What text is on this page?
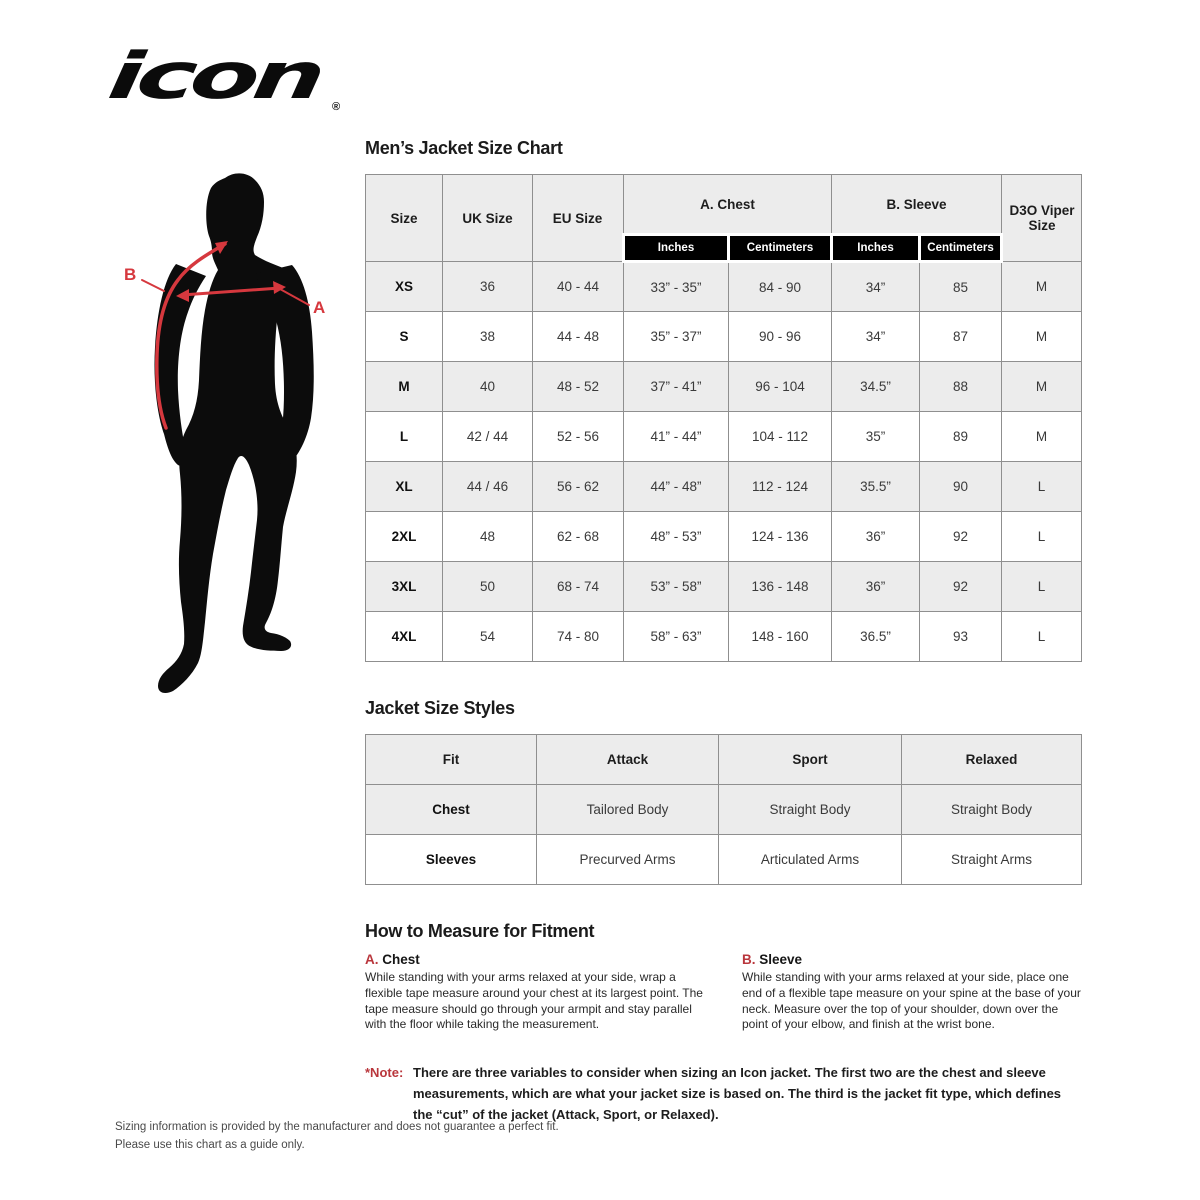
icon	®
A
B
Men’s Jacket Size Chart
Size	UK Size	EU Size	A. Chest		B. Sleeve		D3O Viper Size
			Inches	Centimeters	Inches	Centimeters	
XS	36	40 - 44	33” - 35”	84 - 90	34”	85	M
S	38	44 - 48	35” - 37”	90 - 96	34”	87	M
M	40	48 - 52	37” - 41”	96 - 104	34.5”	88	M
L	42 / 44	52 - 56	41” - 44”	104 - 112	35”	89	M
XL	44 / 46	56 - 62	44” - 48”	112 - 124	35.5”	90	L
2XL	48	62 - 68	48” - 53”	124 - 136	36”	92	L
3XL	50	68 - 74	53” - 58”	136 - 148	36”	92	L
4XL	54	74 - 80	58” - 63”	148 - 160	36.5”	93	L
Jacket Size Styles
Fit	Attack	Sport	Relaxed
Chest	Tailored Body	Straight Body	Straight Body
Sleeves	Precurved Arms	Articulated Arms	Straight Arms
How to Measure for Fitment
A. Chest

While standing with your arms relaxed at your side, wrap a flexible tape measure around your chest at its largest point. The tape measure should go through your armpit and stay parallel with the floor while taking the measurement.

B. Sleeve

While standing with your arms relaxed at your side, place one end of a flexible tape measure on your spine at the base of your neck. Measure over the top of your shoulder, down over the point of your elbow, and finish at the wrist bone.

*Note: There are three variables to consider when sizing an Icon jacket. The first two are the chest and sleeve measurements, which are what your jacket size is based on. The third is the jacket fit type, which defines the “cut” of the jacket (Attack, Sport, or Relaxed).
Sizing information is provided by the manufacturer and does not guarantee a perfect fit.
Please use this chart as a guide only.
